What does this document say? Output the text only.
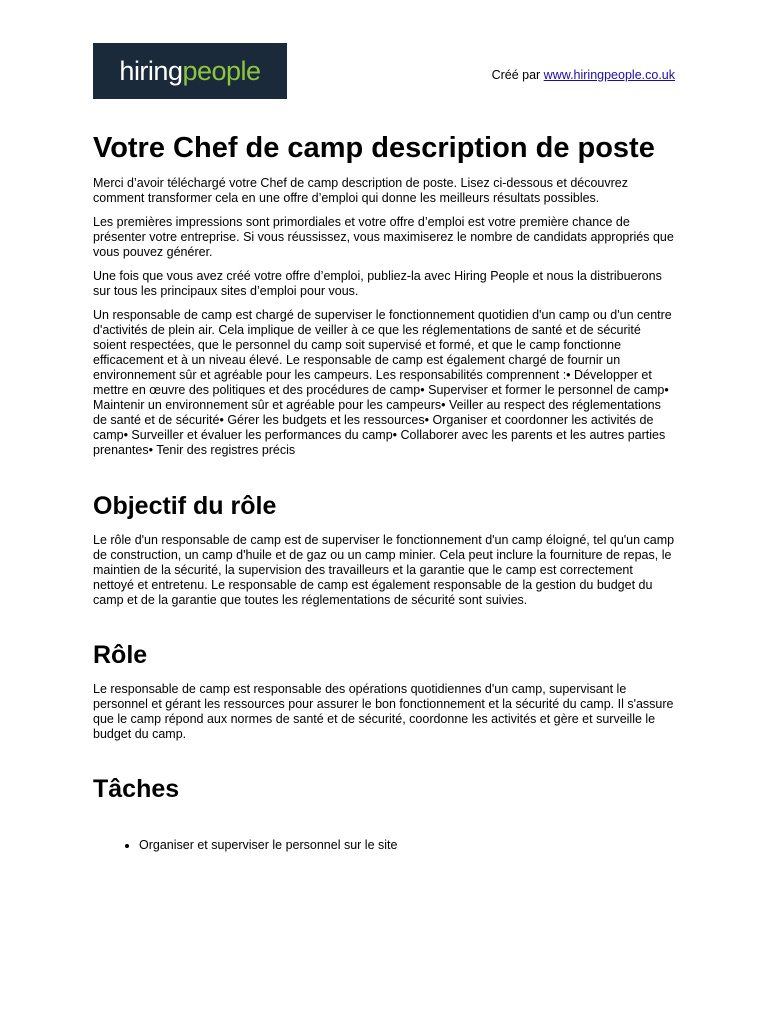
hiring people	Créé par www.hiringpeople.co.uk
Votre Chef de camp description de poste

Merci d’avoir téléchargé votre Chef de camp description de poste. Lisez ci-dessous et découvrez comment transformer cela en une offre d’emploi qui donne les meilleurs résultats possibles.

Les premières impressions sont primordiales et votre offre d’emploi est votre première chance de présenter votre entreprise. Si vous réussissez, vous maximiserez le nombre de candidats appropriés que vous pouvez générer.

Une fois que vous avez créé votre offre d’emploi, publiez-la avec Hiring People et nous la distribuerons sur tous les principaux sites d’emploi pour vous.

Un responsable de camp est chargé de superviser le fonctionnement quotidien d'un camp ou d'un centre d'activités de plein air. Cela implique de veiller à ce que les réglementations de santé et de sécurité soient respectées, que le personnel du camp soit supervisé et formé, et que le camp fonctionne efficacement et à un niveau élevé. Le responsable de camp est également chargé de fournir un environnement sûr et agréable pour les campeurs. Les responsabilités comprennent :• Développer et mettre en œuvre des politiques et des procédures de camp• Superviser et former le personnel de camp• Maintenir un environnement sûr et agréable pour les campeurs• Veiller au respect des réglementations de santé et de sécurité• Gérer les budgets et les ressources• Organiser et coordonner les activités de camp• Surveiller et évaluer les performances du camp• Collaborer avec les parents et les autres parties prenantes• Tenir des registres précis

Objectif du rôle

Le rôle d'un responsable de camp est de superviser le fonctionnement d'un camp éloigné, tel qu'un camp de construction, un camp d'huile et de gaz ou un camp minier. Cela peut inclure la fourniture de repas, le maintien de la sécurité, la supervision des travailleurs et la garantie que le camp est correctement nettoyé et entretenu. Le responsable de camp est également responsable de la gestion du budget du camp et de la garantie que toutes les réglementations de sécurité sont suivies.

Rôle

Le responsable de camp est responsable des opérations quotidiennes d'un camp, supervisant le personnel et gérant les ressources pour assurer le bon fonctionnement et la sécurité du camp. Il s'assure que le camp répond aux normes de santé et de sécurité, coordonne les activités et gère et surveille le budget du camp.

Tâches
• Organiser et superviser le personnel sur le site
